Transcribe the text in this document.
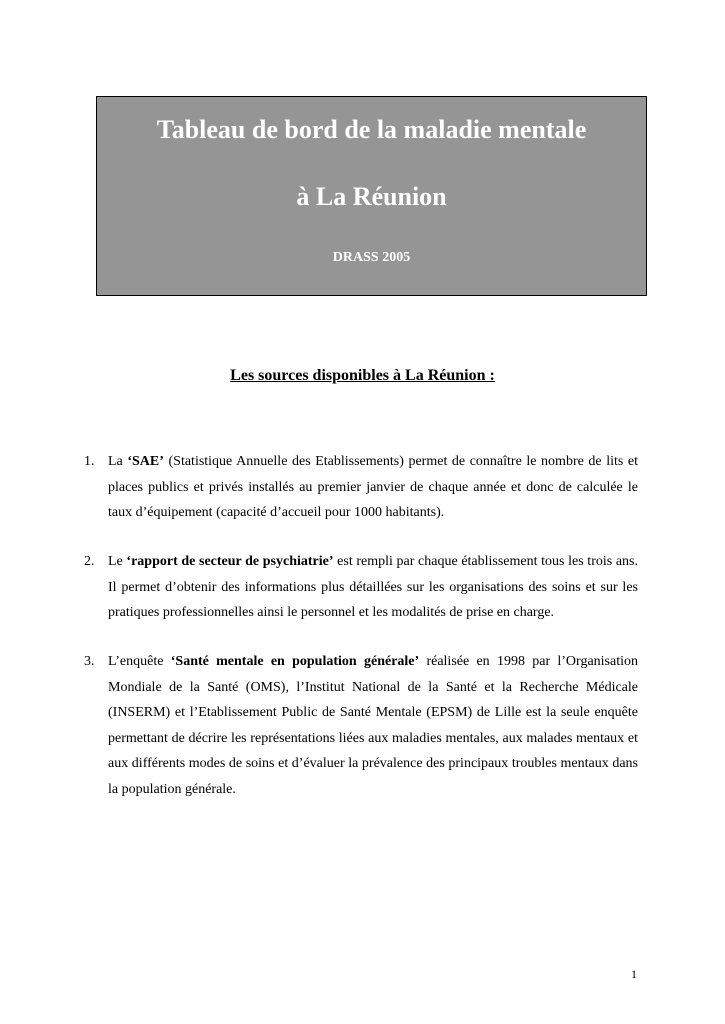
Tableau de bord de la maladie mentale
à La Réunion
DRASS 2005
Les sources disponibles à La Réunion :
1. La ‘SAE’ (Statistique Annuelle des Etablissements) permet de connaître le nombre de lits et places publics et privés installés au premier janvier de chaque année et donc de calculée le taux d’équipement (capacité d’accueil pour 1000 habitants).
2. Le ‘rapport de secteur de psychiatrie’ est rempli par chaque établissement tous les trois ans. Il permet d’obtenir des informations plus détaillées sur les organisations des soins et sur les pratiques professionnelles ainsi le personnel et les modalités de prise en charge.
3. L’enquête ‘Santé mentale en population générale’ réalisée en 1998 par l’Organisation Mondiale de la Santé (OMS), l’Institut National de la Santé et la Recherche Médicale (INSERM) et l’Etablissement Public de Santé Mentale (EPSM) de Lille est la seule enquête permettant de décrire les représentations liées aux maladies mentales, aux malades mentaux et aux différents modes de soins et d’évaluer la prévalence des principaux troubles mentaux dans la population générale.
1
